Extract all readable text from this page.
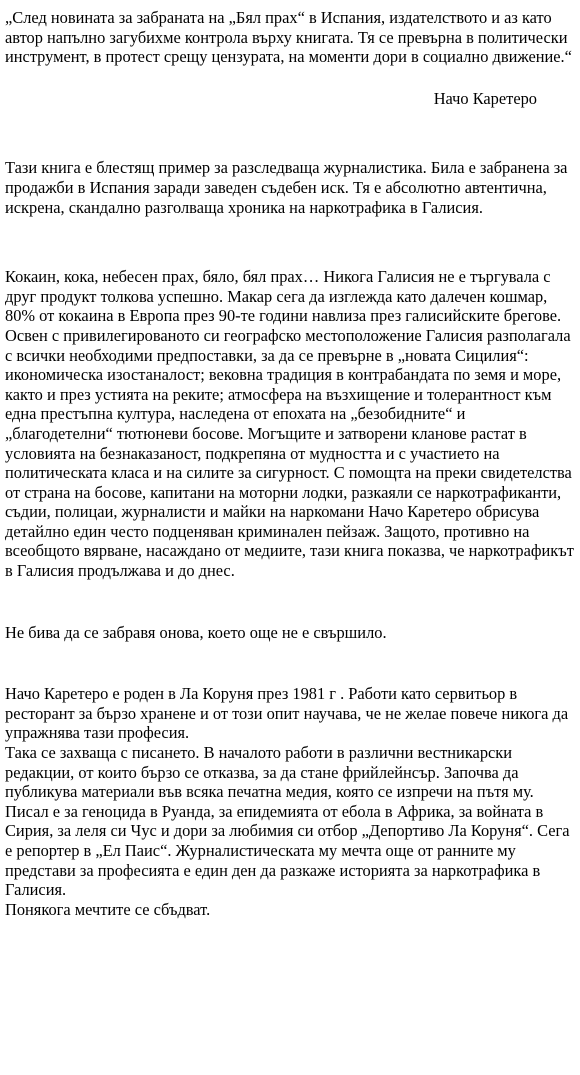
„След новината за забраната на „Бял прах“ в Испания, издателството и аз като автор напълно загубихме контрола върху книгата. Тя се превърна в политически инструмент, в протест срещу цензурата, на моменти дори в социално движение.“

Начо Каретеро

Тази книга е блестящ пример за разследваща журналистика. Била е забранена за продажби в Испания заради заведен съдебен иск. Тя е абсолютно автентична, искрена, скандално разголваща хроника на наркотрафика в Галисия.

Кокаин, кока, небесен прах, бяло, бял прах… Никога Галисия не е търгувала с друг продукт толкова успешно. Макар сега да изглежда като далечен кошмар, 80% от кокаина в Европа през 90-те години навлиза през галисийските брегове. Освен с привилегированото си географско местоположение Галисия разполагала с всички необходими предпоставки, за да се превърне в „новата Сицилия“: икономическа изостаналост; вековна традиция в контрабандата по земя и море, както и през устията на реките; атмосфера на възхищение и толерантност към една престъпна култура, наследена от епохата на „безобидните“ и „благодетелни“ тютюневи босове. Могъщите и затворени кланове растат в условията на безнаказаност, подкрепяна от мудността и с участието на политическата класа и на силите за сигурност. С помощта на преки свидетелства от страна на босове, капитани на моторни лодки, разкаяли се наркотрафиканти, съдии, полицаи, журналисти и майки на наркомани Начо Каретеро обрисува детайлно един често подценяван криминален пейзаж. Защото, противно на всеобщото вярване, насаждано от медиите, тази книга показва, че наркотрафикът в Галисия продължава и до днес.

Не бива да се забравя онова, което още не е свършило.

Начо Каретеро е роден в Ла Коруня през 1981 г . Работи като сервитьор в ресторант за бързо хранене и от този опит научава, че не желае повече никога да упражнява тази професия.

Така се захваща с писането. В началото работи в различни вестникарски редакции, от които бързо се отказва, за да стане фрийлейнсър. Започва да публикува материали във всяка печатна медия, която се изпречи на пътя му. Писал е за геноцида в Руанда, за епидемията от ебола в Африка, за войната в Сирия, за леля си Чус и дори за любимия си отбор „Депортиво Ла Коруня“. Сега е репортер в „Ел Паис“. Журналистическата му мечта още от ранните му представи за професията е един ден да разкаже историята за наркотрафика в Галисия.

Понякога мечтите се сбъдват.
